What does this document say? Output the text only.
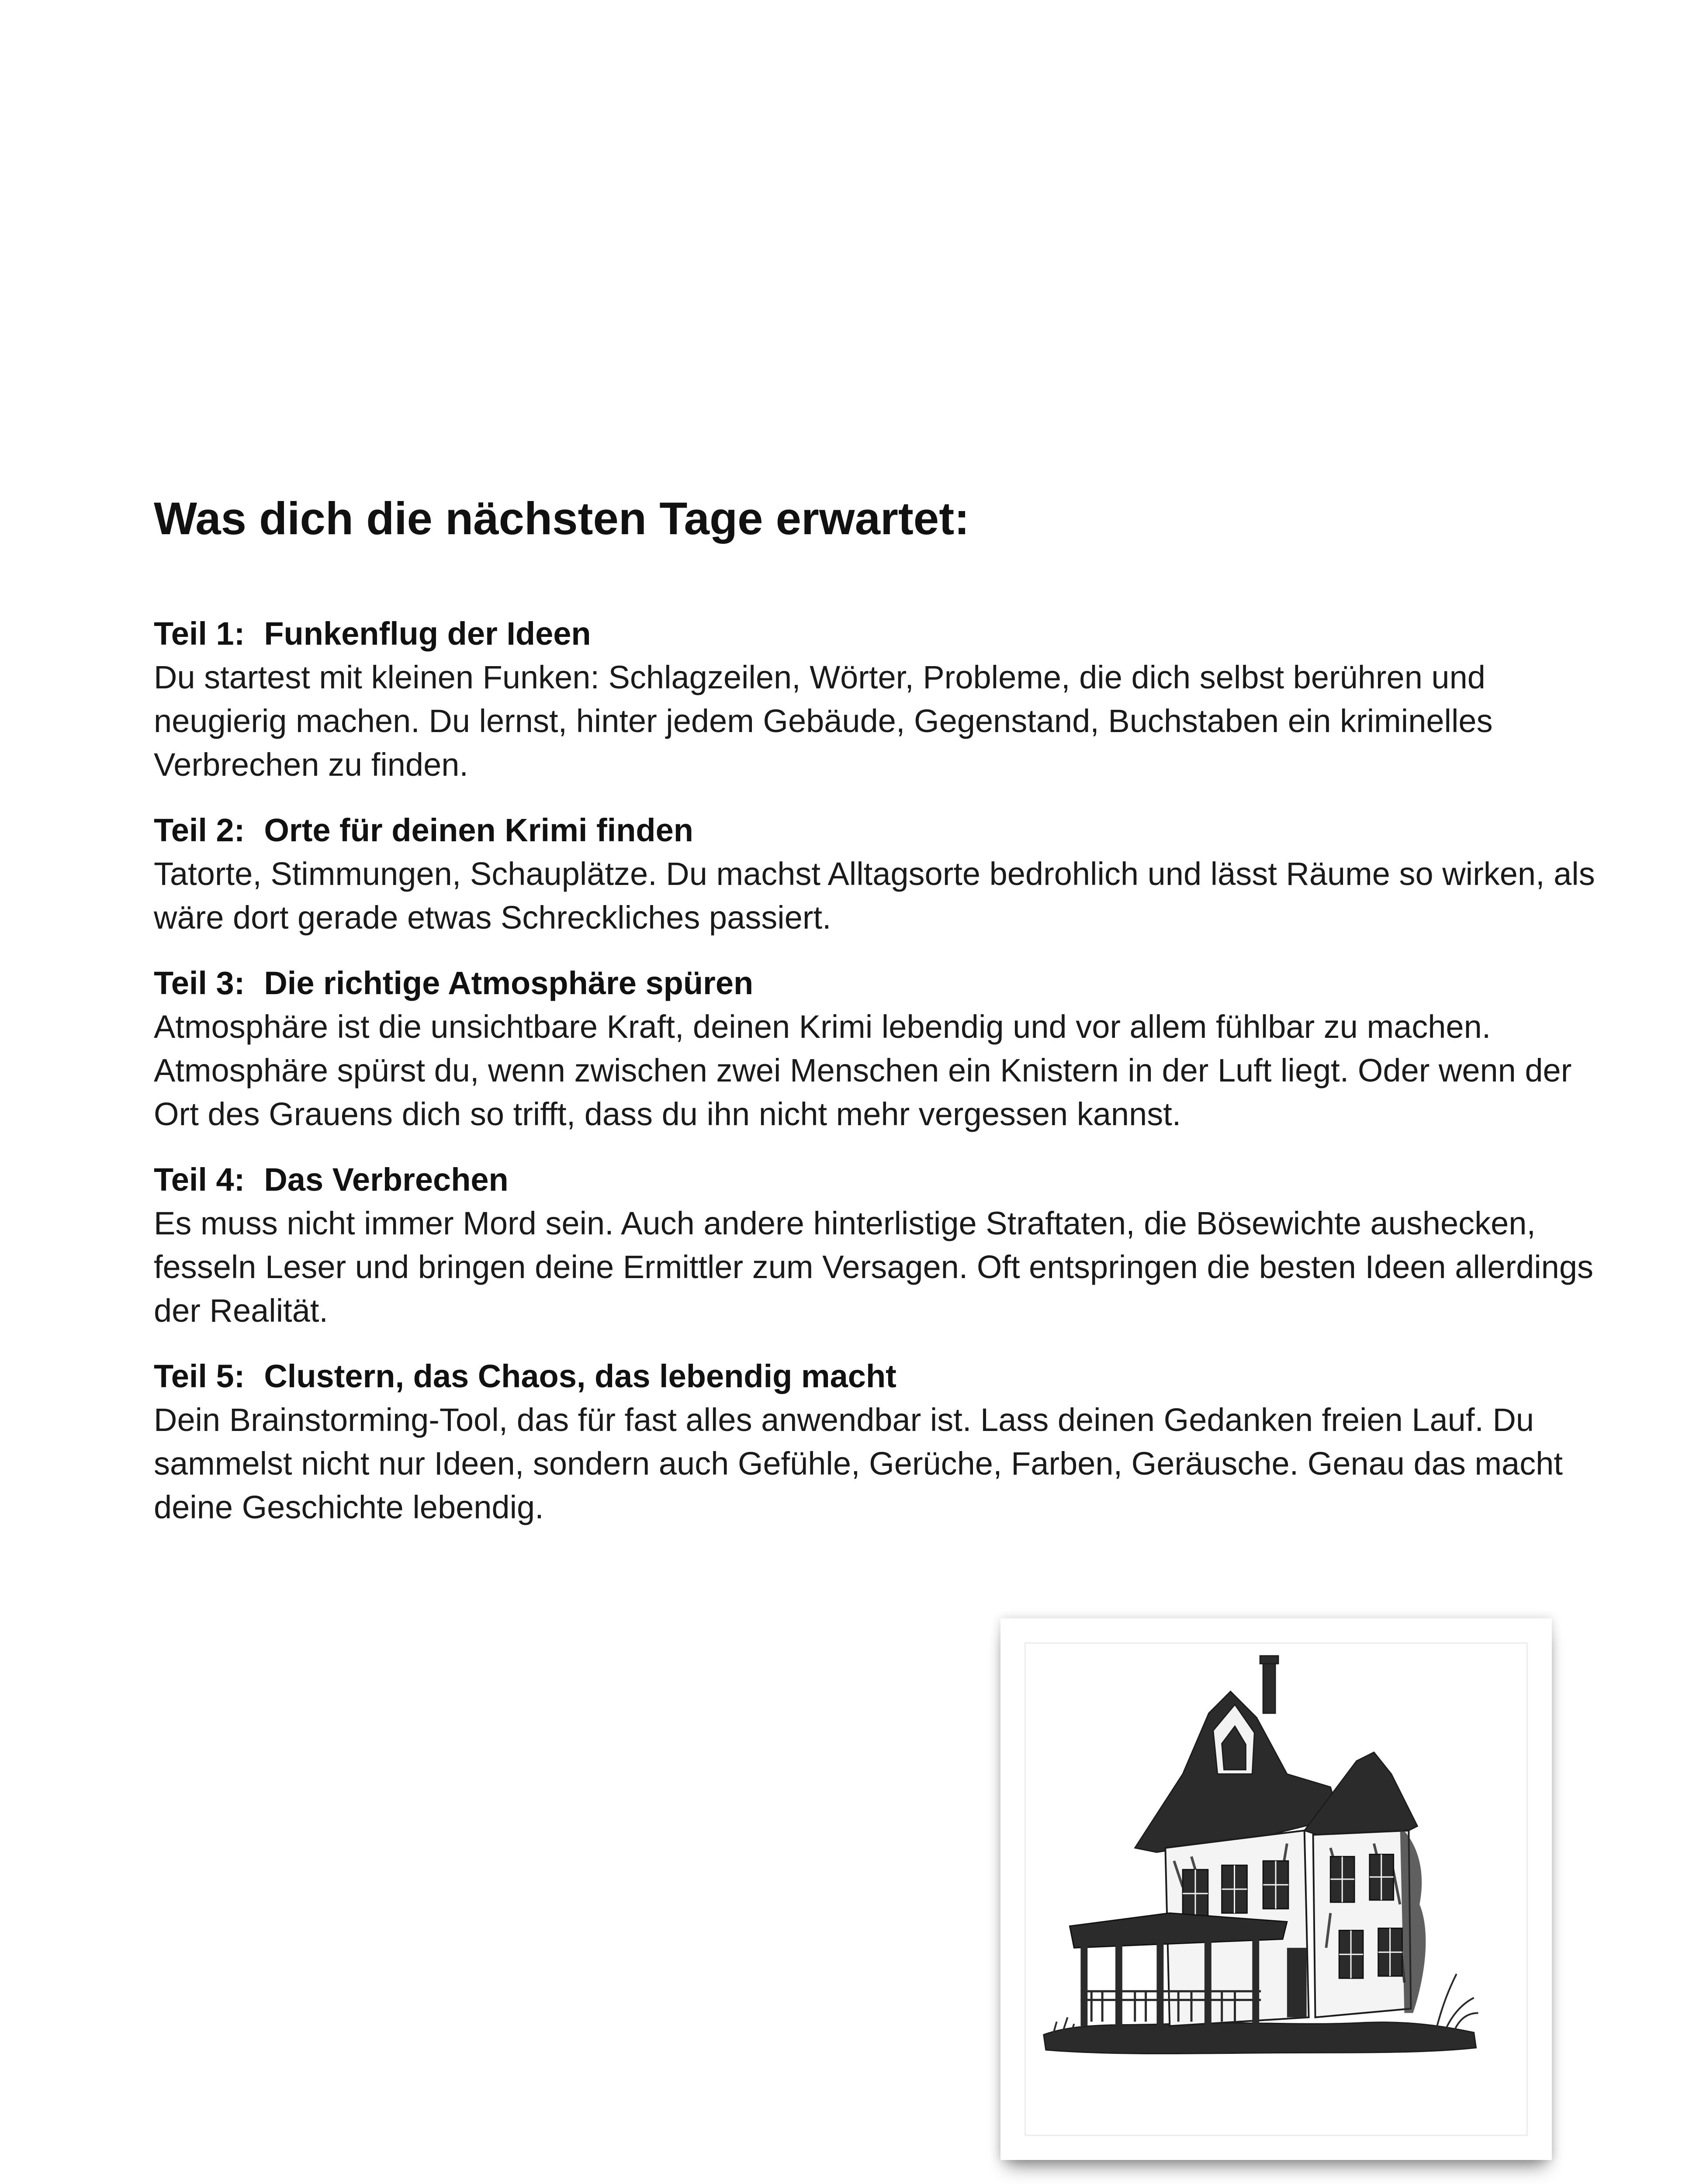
Was dich die nächsten Tage erwartet:

Teil 1: Funkenflug der Ideen

Du startest mit kleinen Funken: Schlagzeilen, Wörter, Probleme, die dich selbst berühren und neugierig machen. Du lernst, hinter jedem Gebäude, Gegenstand, Buchstaben ein kriminelles Verbrechen zu finden.

Teil 2: Orte für deinen Krimi finden

Tatorte, Stimmungen, Schauplätze. Du machst Alltagsorte bedrohlich und lässt Räume so wirken, als wäre dort gerade etwas Schreckliches passiert.

Teil 3: Die richtige Atmosphäre spüren

Atmosphäre ist die unsichtbare Kraft, deinen Krimi lebendig und vor allem fühlbar zu machen. Atmosphäre spürst du, wenn zwischen zwei Menschen ein Knistern in der Luft liegt. Oder wenn der Ort des Grauens dich so trifft, dass du ihn nicht mehr vergessen kannst.

Teil 4: Das Verbrechen

Es muss nicht immer Mord sein. Auch andere hinterlistige Straftaten, die Bösewichte aushecken, fesseln Leser und bringen deine Ermittler zum Versagen. Oft entspringen die besten Ideen allerdings der Realität.

Teil 5: Clustern, das Chaos, das lebendig macht

Dein Brainstorming-Tool, das für fast alles anwendbar ist. Lass deinen Gedanken freien Lauf. Du sammelst nicht nur Ideen, sondern auch Gefühle, Gerüche, Farben, Geräusche. Genau das macht deine Geschichte lebendig.
